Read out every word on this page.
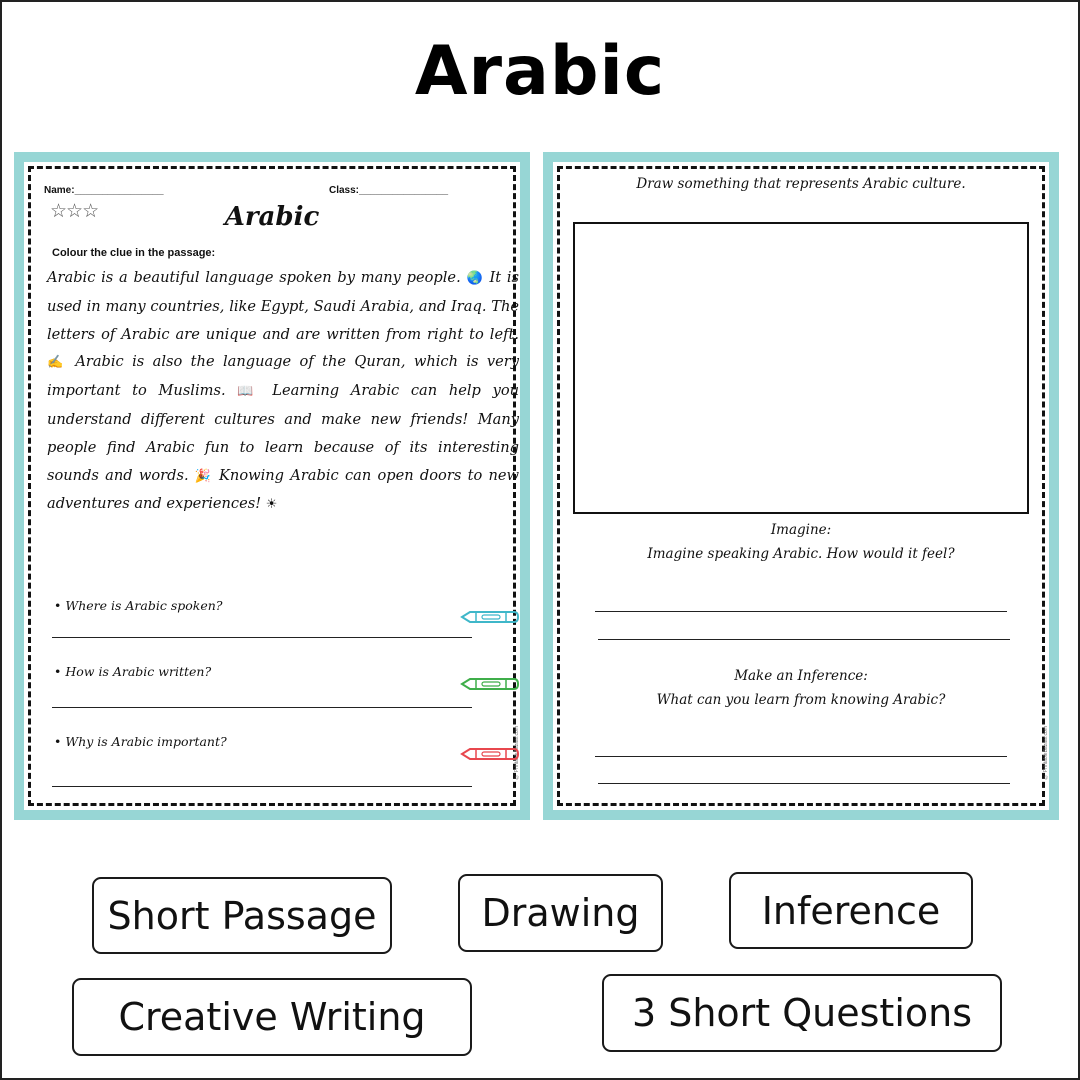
Arabic
© PrintableBazaar.com
Name:________________	Class:________________
☆☆☆	Arabic
Colour the clue in the passage:
Arabic is a beautiful language spoken by many people. 🌏 It is used in many countries, like Egypt, Saudi Arabia, and Iraq. The letters of Arabic are unique and are written from right to left. ✍ Arabic is also the language of the Quran, which is very important to Muslims. 📖 Learning Arabic can help you understand different cultures and make new friends! Many people find Arabic fun to learn because of its interesting sounds and words. 🎉 Knowing Arabic can open doors to new adventures and experiences! ☀
• Where is Arabic spoken?
• How is Arabic written?
• Why is Arabic important?	© PrintableBazaar.com
Draw something that represents Arabic culture.
Imagine:
Imagine speaking Arabic. How would it feel?
Make an Inference:
What can you learn from knowing Arabic?
Short Passage	Drawing	Inference
Creative Writing	3 Short Questions
